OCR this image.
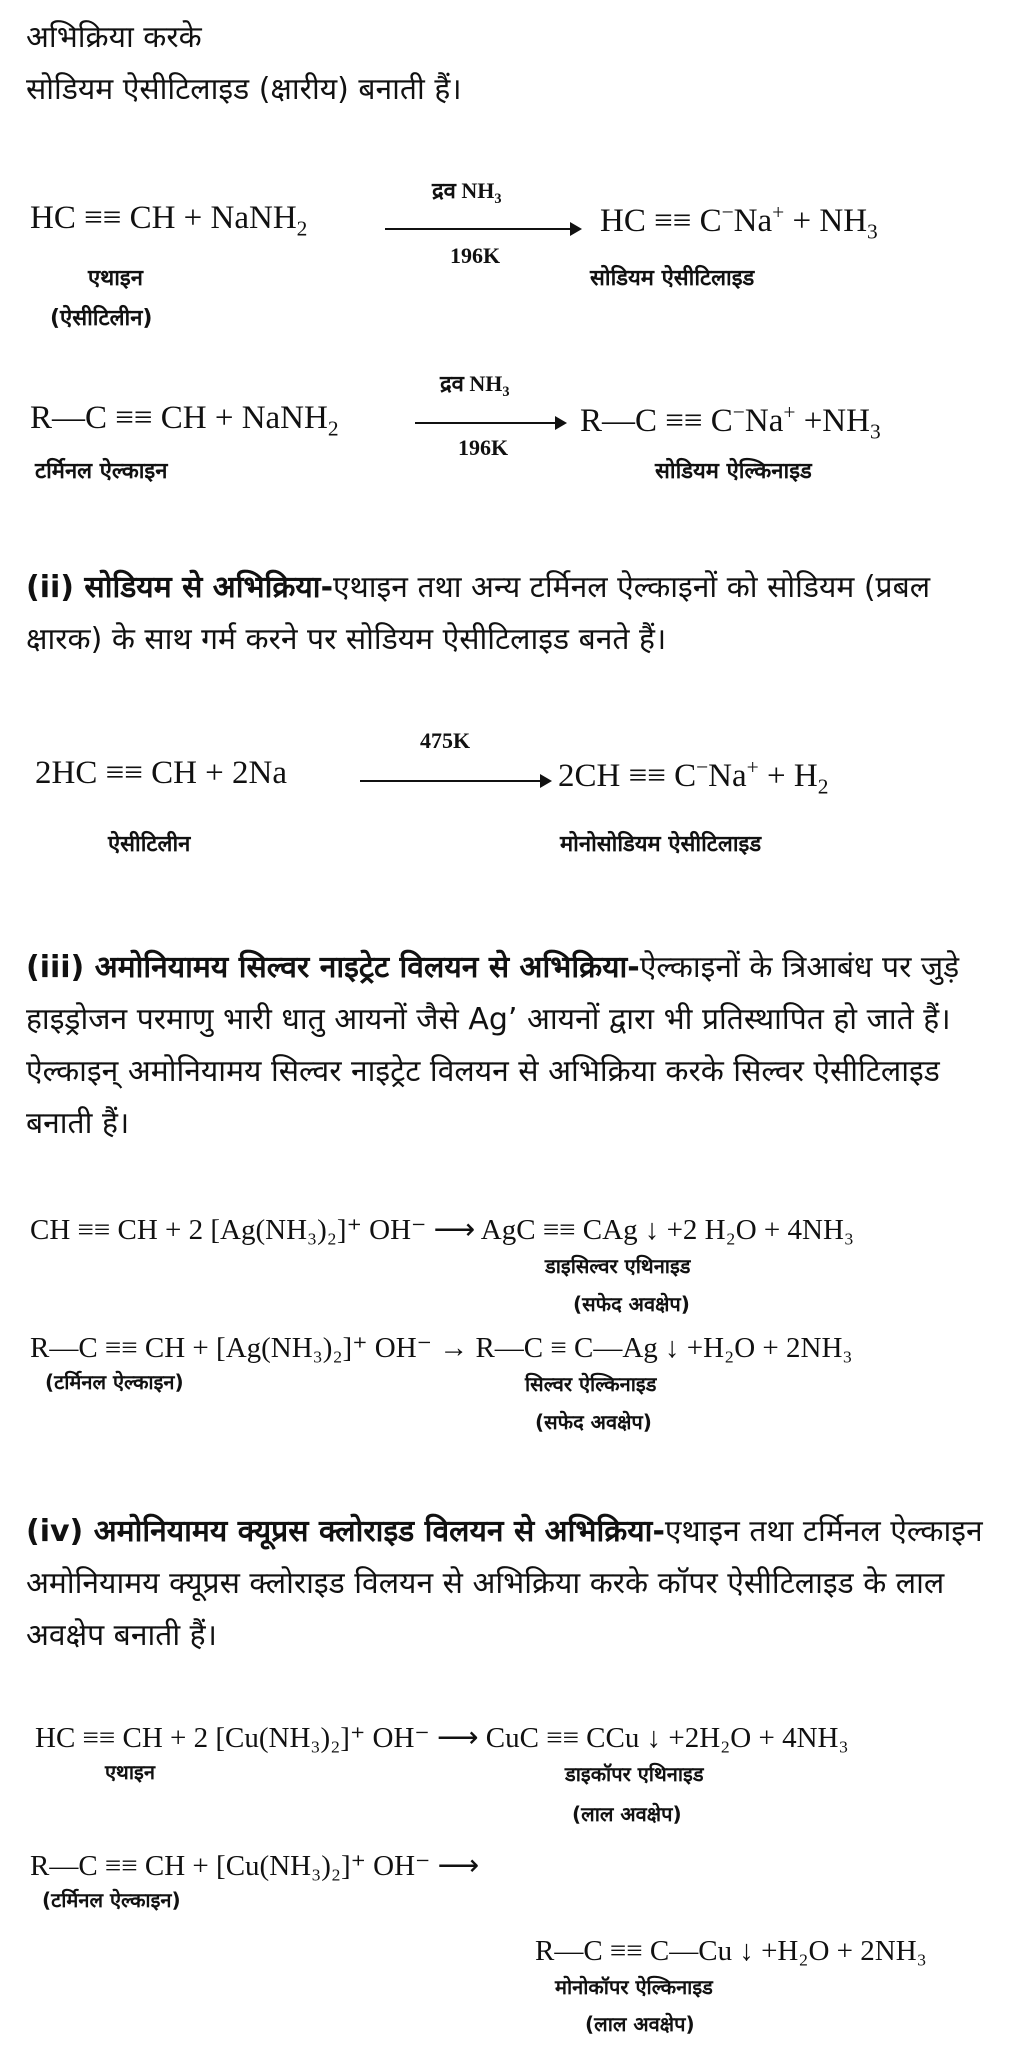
अभिक्रिया करके

सोडियम ऐसीटिलाइड (क्षारीय) बनाती हैं।

HC ≡≡ CH + NaNH$_2$
द्रव $NH_3$
196K
HC ≡≡ $C^-Na^+ + NH_3$
एथाइन
(ऐसीटिलीन)
सोडियम ऐसीटिलाइड
R—C ≡≡ CH + NaNH$_2$
द्रव $NH_3$
196K
R—C ≡≡ $C^-Na^+ +NH_3$
टर्मिनल ऐल्काइन	सोडियम ऐल्किनाइड

(ii) सोडियम से अभिक्रिया-एथाइन तथा अन्य टर्मिनल ऐल्काइनों को सोडियम (प्रबल क्षारक) के साथ गर्म करने पर सोडियम ऐसीटिलाइड बनते हैं।

475K
2HC ≡≡ CH + 2Na	$2CH \equiv\equiv C^-Na^+ + H_2$
ऐसीटिलीन	मोनोसोडियम ऐसीटिलाइड

(iii) अमोनियामय सिल्वर नाइट्रेट विलयन से अभिक्रिया-ऐल्काइनों के त्रिआबंध पर जुड़े हाइड्रोजन परमाणु भारी धातु आयनों जैसे Ag’ आयनों द्वारा भी प्रतिस्थापित हो जाते हैं। ऐल्काइन् अमोनियामय सिल्वर नाइट्रेट विलयन से अभिक्रिया करके सिल्वर ऐसीटिलाइड बनाती हैं।

CH ≡≡ CH + 2 [Ag(NH₃)₂]⁺ OH⁻ ⟶ AgC ≡≡ CAg ↓ +2 H₂O + 4NH₃
डाइसिल्वर एथिनाइड
(सफेद अवक्षेप)
R—C ≡≡ CH + [Ag(NH₃)₂]⁺ OH⁻ → R—C ≡ C—Ag ↓ +H₂O + 2NH₃
(टर्मिनल ऐल्काइन)	सिल्वर ऐल्किनाइड
(सफेद अवक्षेप)

(iv) अमोनियामय क्यूप्रस क्लोराइड विलयन से अभिक्रिया-एथाइन तथा टर्मिनल ऐल्काइन अमोनियामय क्यूप्रस क्लोराइड विलयन से अभिक्रिया करके कॉपर ऐसीटिलाइड के लाल अवक्षेप बनाती हैं।

HC ≡≡ CH + 2 [Cu(NH₃)₂]⁺ OH⁻ ⟶ CuC ≡≡ CCu ↓ +2H₂O + 4NH₃
एथाइन	डाइकॉपर एथिनाइड
(लाल अवक्षेप)
R—C ≡≡ CH + [Cu(NH₃)₂]⁺ OH⁻ ⟶
(टर्मिनल ऐल्काइन)
R—C ≡≡ C—Cu ↓ +H₂O + 2NH₃
मोनोकॉपर ऐल्किनाइड
(लाल अवक्षेप)
